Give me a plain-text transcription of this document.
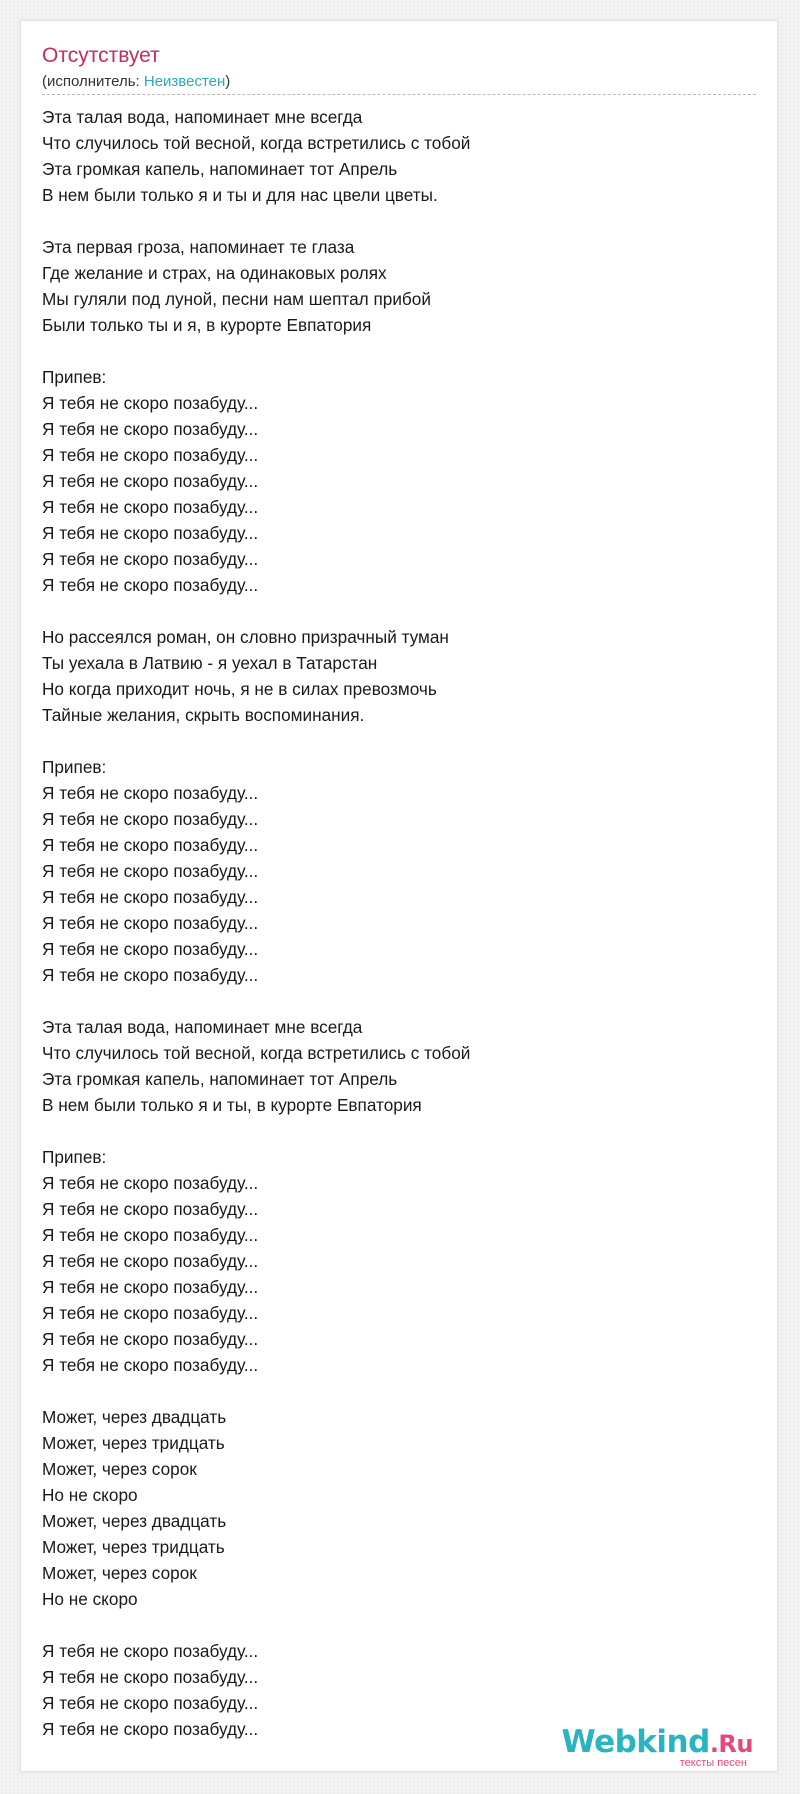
Отсутствует
(исполнитель: Неизвестен)
Эта талая вода, напоминает мне всегда
Что случилось той весной, когда встретились с тобой
Эта громкая капель, напоминает тот Апрель
В нем были только я и ты и для нас цвели цветы.
Эта первая гроза, напоминает те глаза
Где желание и страх, на одинаковых ролях
Мы гуляли под луной, песни нам шептал прибой
Были только ты и я, в курорте Евпатория
Припев:
Я тебя не скоро позабуду...
Я тебя не скоро позабуду...
Я тебя не скоро позабуду...
Я тебя не скоро позабуду...
Я тебя не скоро позабуду...
Я тебя не скоро позабуду...
Я тебя не скоро позабуду...
Я тебя не скоро позабуду...
Но рассеялся роман, он словно призрачный туман
Ты уехала в Латвию - я уехал в Татарстан
Но когда приходит ночь, я не в силах превозмочь
Тайные желания, скрыть воспоминания.
Припев:
Я тебя не скоро позабуду...
Я тебя не скоро позабуду...
Я тебя не скоро позабуду...
Я тебя не скоро позабуду...
Я тебя не скоро позабуду...
Я тебя не скоро позабуду...
Я тебя не скоро позабуду...
Я тебя не скоро позабуду...
Эта талая вода, напоминает мне всегда
Что случилось той весной, когда встретились с тобой
Эта громкая капель, напоминает тот Апрель
В нем были только я и ты, в курорте Евпатория
Припев:
Я тебя не скоро позабуду...
Я тебя не скоро позабуду...
Я тебя не скоро позабуду...
Я тебя не скоро позабуду...
Я тебя не скоро позабуду...
Я тебя не скоро позабуду...
Я тебя не скоро позабуду...
Я тебя не скоро позабуду...
Может, через двадцать
Может, через тридцать
Может, через сорок
Но не скоро
Может, через двадцать
Может, через тридцать
Может, через сорок
Но не скоро
Я тебя не скоро позабуду...
Я тебя не скоро позабуду...
Я тебя не скоро позабуду...
Я тебя не скоро позабуду...	Webkind.Ru
тексты песен
